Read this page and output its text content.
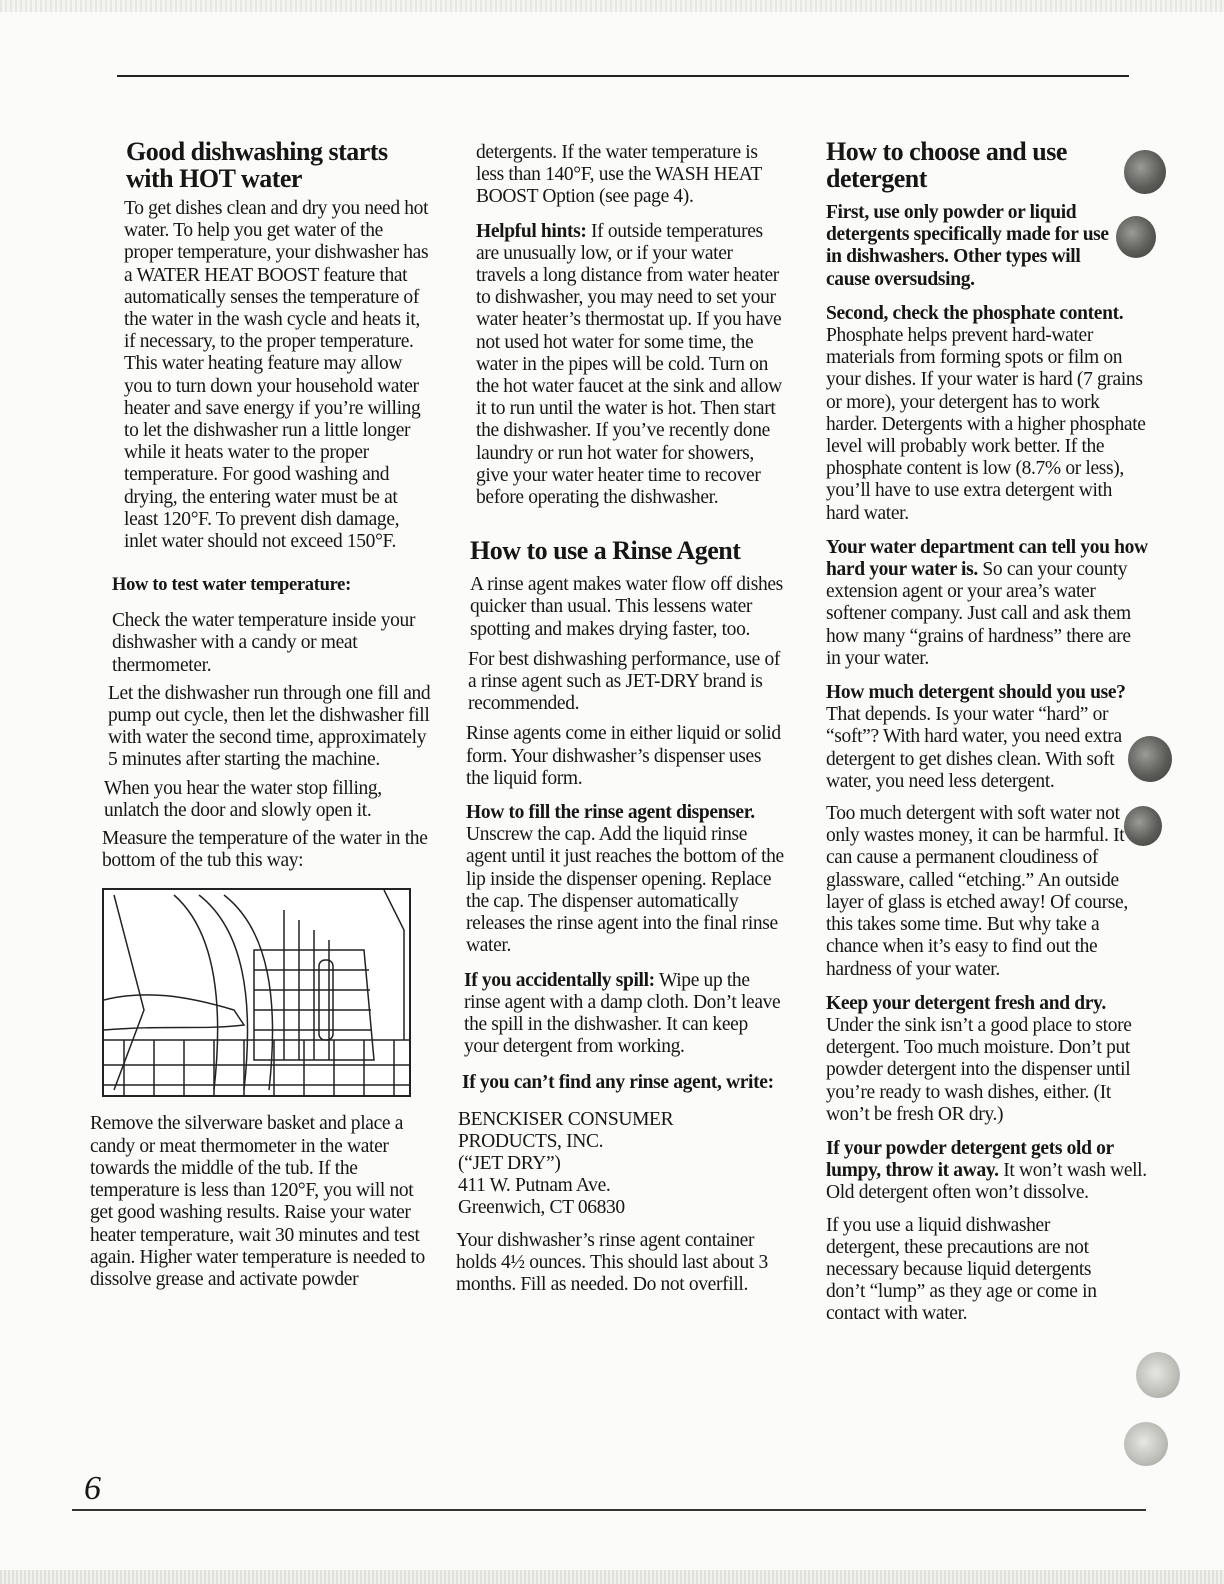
Good dishwashing starts with HOT water

To get dishes clean and dry you need hot water. To help you get water of the proper temperature, your dishwasher has a WATER HEAT BOOST feature that automatically senses the temperature of the water in the wash cycle and heats it, if necessary, to the proper temperature. This water heating feature may allow you to turn down your household water heater and save energy if you’re willing to let the dishwasher run a little longer while it heats water to the proper temperature. For good washing and drying, the entering water must be at least 120°F. To prevent dish damage, inlet water should not exceed 150°F.

How to test water temperature:

Check the water temperature inside your dishwasher with a candy or meat thermometer.

Let the dishwasher run through one fill and pump out cycle, then let the dishwasher fill with water the second time, approximately 5 minutes after starting the machine.

When you hear the water stop filling, unlatch the door and slowly open it.

Measure the temperature of the water in the bottom of the tub this way:

Remove the silverware basket and place a candy or meat thermometer in the water towards the middle of the tub. If the temperature is less than 120°F, you will not get good washing results. Raise your water heater temperature, wait 30 minutes and test again. Higher water temperature is needed to dissolve grease and activate powder

detergents. If the water temperature is less than 140°F, use the WASH HEAT BOOST Option (see page 4).

Helpful hints: If outside temperatures are unusually low, or if your water travels a long distance from water heater to dishwasher, you may need to set your water heater’s thermostat up. If you have not used hot water for some time, the water in the pipes will be cold. Turn on the hot water faucet at the sink and allow it to run until the water is hot. Then start the dishwasher. If you’ve recently done laundry or run hot water for showers, give your water heater time to recover before operating the dishwasher.

How to use a Rinse Agent

A rinse agent makes water flow off dishes quicker than usual. This lessens water spotting and makes drying faster, too.

For best dishwashing performance, use of a rinse agent such as JET-DRY brand is recommended.

Rinse agents come in either liquid or solid form. Your dishwasher’s dispenser uses the liquid form.

How to fill the rinse agent dispenser. Unscrew the cap. Add the liquid rinse agent until it just reaches the bottom of the lip inside the dispenser opening. Replace the cap. The dispenser automatically releases the rinse agent into the final rinse water.

If you accidentally spill: Wipe up the rinse agent with a damp cloth. Don’t leave the spill in the dishwasher. It can keep your detergent from working.

If you can’t find any rinse agent, write:

BENCKISER CONSUMER

PRODUCTS, INC.

(“JET DRY”)

411 W. Putnam Ave.

Greenwich, CT 06830

Your dishwasher’s rinse agent container holds 4½ ounces. This should last about 3 months. Fill as needed. Do not overfill.

How to choose and use detergent

First, use only powder or liquid detergents specifically made for use in dishwashers. Other types will cause oversudsing.

Second, check the phosphate content. Phosphate helps prevent hard-water materials from forming spots or film on your dishes. If your water is hard (7 grains or more), your detergent has to work harder. Detergents with a higher phosphate level will probably work better. If the phosphate content is low (8.7% or less), you’ll have to use extra detergent with hard water.

Your water department can tell you how hard your water is. So can your county extension agent or your area’s water softener company. Just call and ask them how many “grains of hardness” there are in your water.

How much detergent should you use? That depends. Is your water “hard” or “soft”? With hard water, you need extra detergent to get dishes clean. With soft water, you need less detergent.

Too much detergent with soft water not only wastes money, it can be harmful. It can cause a permanent cloudiness of glassware, called “etching.” An outside layer of glass is etched away! Of course, this takes some time. But why take a chance when it’s easy to find out the hardness of your water.

Keep your detergent fresh and dry. Under the sink isn’t a good place to store detergent. Too much moisture. Don’t put powder detergent into the dispenser until you’re ready to wash dishes, either. (It won’t be fresh OR dry.)

If your powder detergent gets old or lumpy, throw it away. It won’t wash well. Old detergent often won’t dissolve.

If you use a liquid dishwasher detergent, these precautions are not necessary because liquid detergents don’t “lump” as they age or come in contact with water.

6
